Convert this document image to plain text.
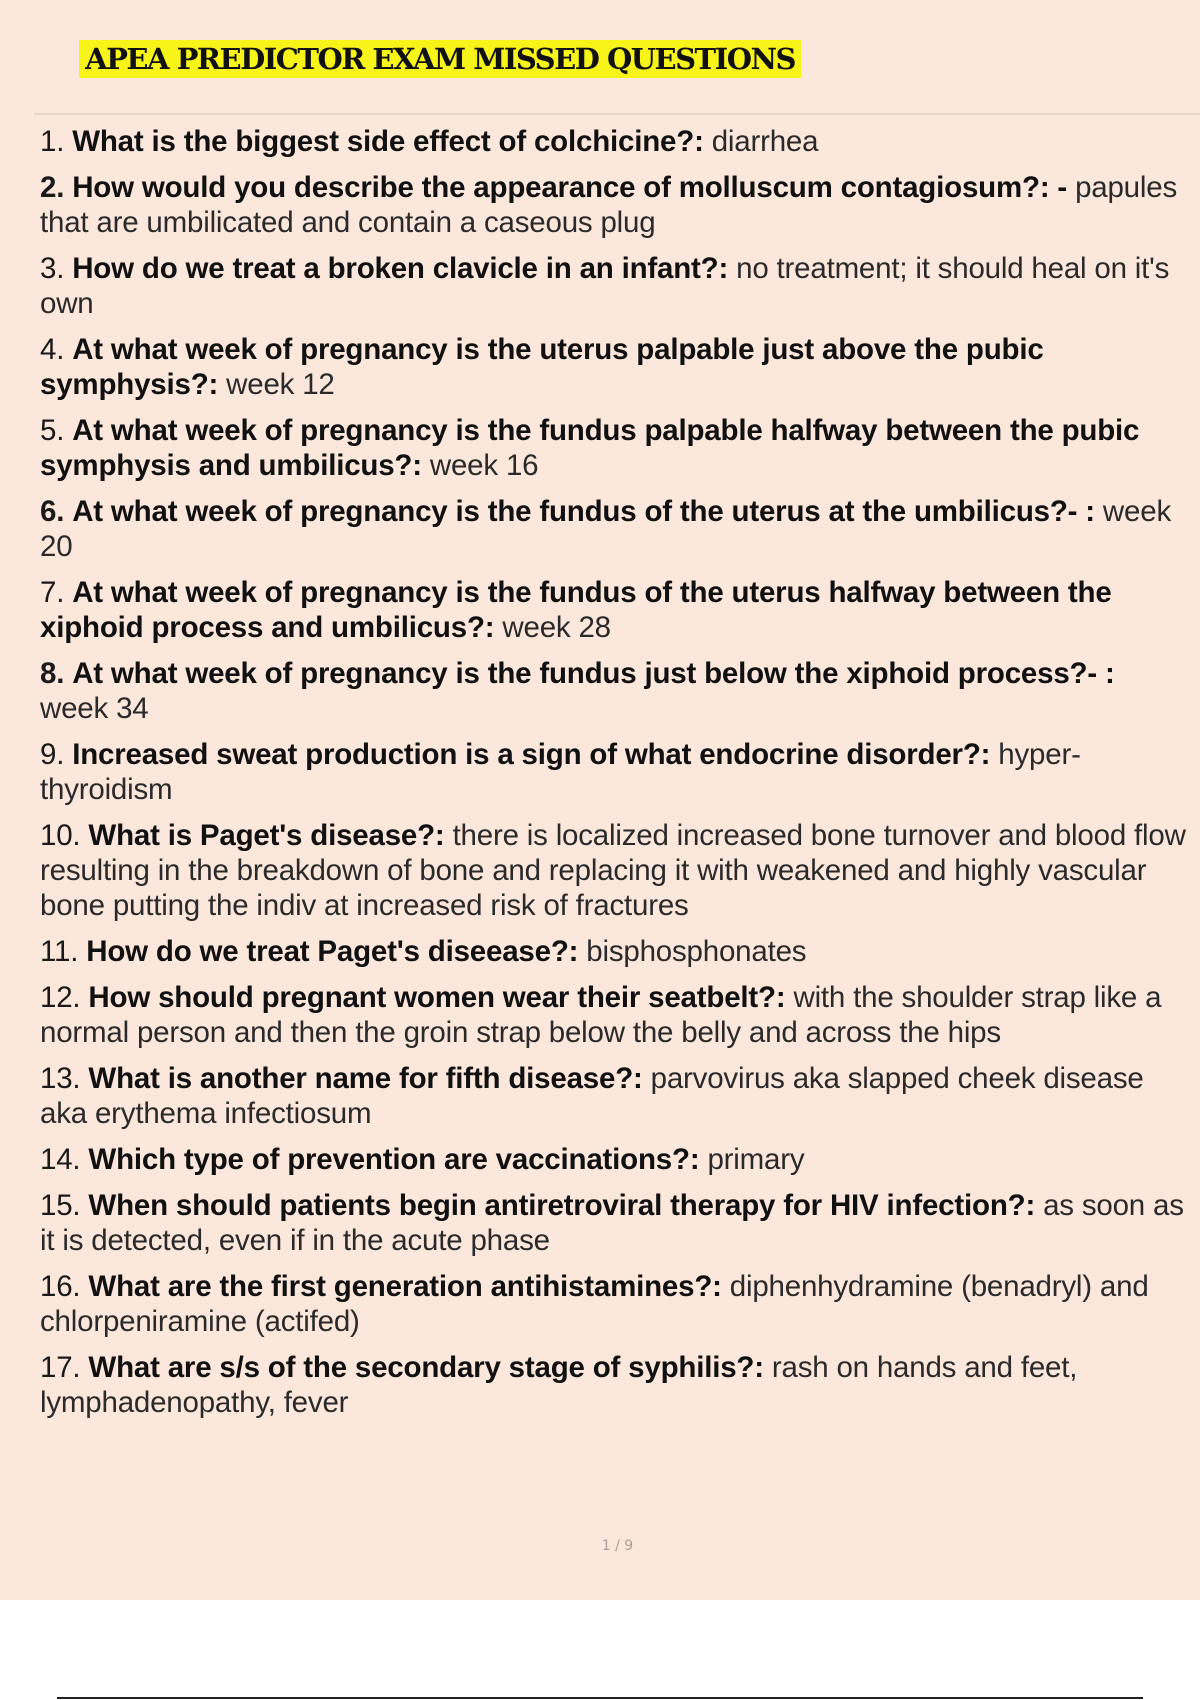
APEA PREDICTOR EXAM MISSED QUESTIONS
1. What is the biggest side effect of colchicine?: diarrhea
2. How would you describe the appearance of molluscum contagiosum?: - papules that are umbilicated and contain a caseous plug
3. How do we treat a broken clavicle in an infant?: no treatment; it should heal on it's own
4. At what week of pregnancy is the uterus palpable just above the pubic symphysis?: week 12
5. At what week of pregnancy is the fundus palpable halfway between the pubic symphysis and umbilicus?: week 16
6. At what week of pregnancy is the fundus of the uterus at the umbilicus?- : week 20
7. At what week of pregnancy is the fundus of the uterus halfway between the xiphoid process and umbilicus?: week 28
8. At what week of pregnancy is the fundus just below the xiphoid process?- : week 34
9. Increased sweat production is a sign of what endocrine disorder?: hyper-thyroidism
10. What is Paget's disease?: there is localized increased bone turnover and blood flow resulting in the breakdown of bone and replacing it with weakened and highly vascular bone putting the indiv at increased risk of fractures
11. How do we treat Paget's diseease?: bisphosphonates
12. How should pregnant women wear their seatbelt?: with the shoulder strap like a normal person and then the groin strap below the belly and across the hips
13. What is another name for fifth disease?: parvovirus aka slapped cheek disease aka erythema infectiosum
14. Which type of prevention are vaccinations?: primary
15. When should patients begin antiretroviral therapy for HIV infection?: as soon as it is detected, even if in the acute phase
16. What are the first generation antihistamines?: diphenhydramine (benadryl) and chlorpeniramine (actifed)
17. What are s/s of the secondary stage of syphilis?: rash on hands and feet, lymphadenopathy, fever
1 / 9
